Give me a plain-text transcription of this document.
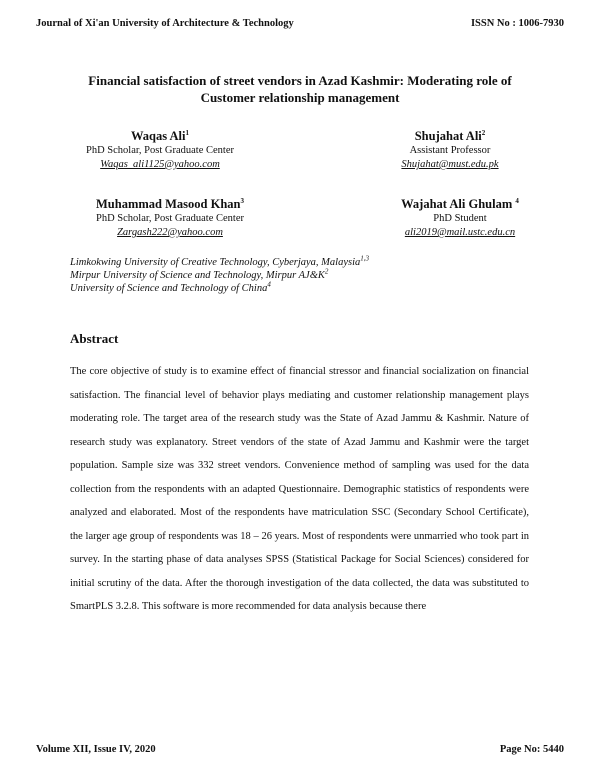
Journal of Xi'an University of Architecture & Technology	ISSN No : 1006-7930
Financial satisfaction of street vendors in Azad Kashmir: Moderating role of
Customer relationship management
Waqas Ali$^1$
PhD Scholar, Post Graduate Center
Waqas_ali1125@yahoo.com
Shujahat Ali$^2$
Assistant Professor
Shujahat@must.edu.pk
Muhammad Masood Khan$^3$
PhD Scholar, Post Graduate Center
Zargash222@yahoo.com
Wajahat Ali Ghulam $^4$
PhD Student
ali2019@mail.ustc.edu.cn
Limkokwing University of Creative Technology, Cyberjaya, Malaysia$^{1,3}$
Mirpur University of Science and Technology, Mirpur $AJ\&K^2$
University of Science and Technology of China$^4$
Abstract
The core objective of study is to examine effect of financial stressor and financial socialization on financial satisfaction. The financial level of behavior plays mediating and customer relationship management plays moderating role. The target area of the research study was the State of Azad Jammu & Kashmir. Nature of research study was explanatory. Street vendors of the state of Azad Jammu and Kashmir were the target population. Sample size was 332 street vendors. Convenience method of sampling was used for the data collection from the respondents with an adapted Questionnaire. Demographic statistics of respondents were analyzed and elaborated. Most of the respondents have matriculation SSC (Secondary School Certificate), the larger age group of respondents was 18 – 26 years. Most of respondents were unmarried who took part in survey. In the starting phase of data analyses SPSS (Statistical Package for Social Sciences) considered for initial scrutiny of the data. After the thorough investigation of the data collected, the data was substituted to SmartPLS 3.2.8. This software is more recommended for data analysis because there
Volume XII, Issue IV, 2020	Page No: 5440
